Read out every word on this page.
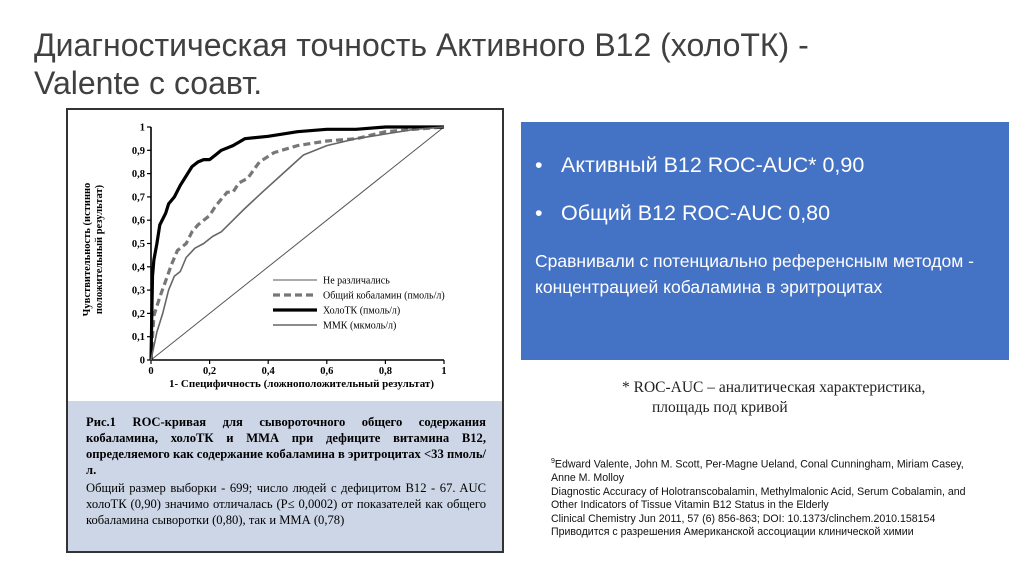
Диагностическая точность Активного B12 (холоТК) -
Valente с соавт.
0
0,1
0,2
0,3
0,4
0,5
0,6
0,7
0,8
0,9
1
0	0,2	0,4	0,6	0,8	1
1- Специфичность (ложноположительный результат)
Чувствительность (истинно положительный результат)	Не различались
Общий кобаламин (пмоль/л)
ХолоТК (пмоль/л)
ММК (мкмоль/л)

Рис.1 ROC-кривая для сывороточного общего содержания кобаламина, холоТК и ММА при дефиците витамина B12, определяемого как содержание кобаламина в эритроцитах <33 пмоль/л.

Общий размер выборки - 699; число людей с дефицитом B12 - 67. AUC холоТК (0,90) значимо отличалась (P≤ 0,0002) от показателей как общего кобаламина сыворотки (0,80), так и ММА (0,78)

• Активный B12 ROC-AUC* 0,90
• Общий B12 ROC-AUC 0,80
Сравнивали с потенциально референсным методом - концентрацией кобаламина в эритроцитах
* ROC-AUC – аналитическая характеристика,
площадь под кривой
$^9$Edward Valente, John M. Scott, Per-Magne Ueland, Conal Cunningham, Miriam Casey,
Anne M. Molloy
Diagnostic Accuracy of Holotranscobalamin, Methylmalonic Acid, Serum Cobalamin, and
Other Indicators of Tissue Vitamin B12 Status in the Elderly
Clinical Chemistry Jun 2011, 57 (6) 856-863; DOI: 10.1373/clinchem.2010.158154
Приводится с разрешения Американской ассоциации клинической химии
